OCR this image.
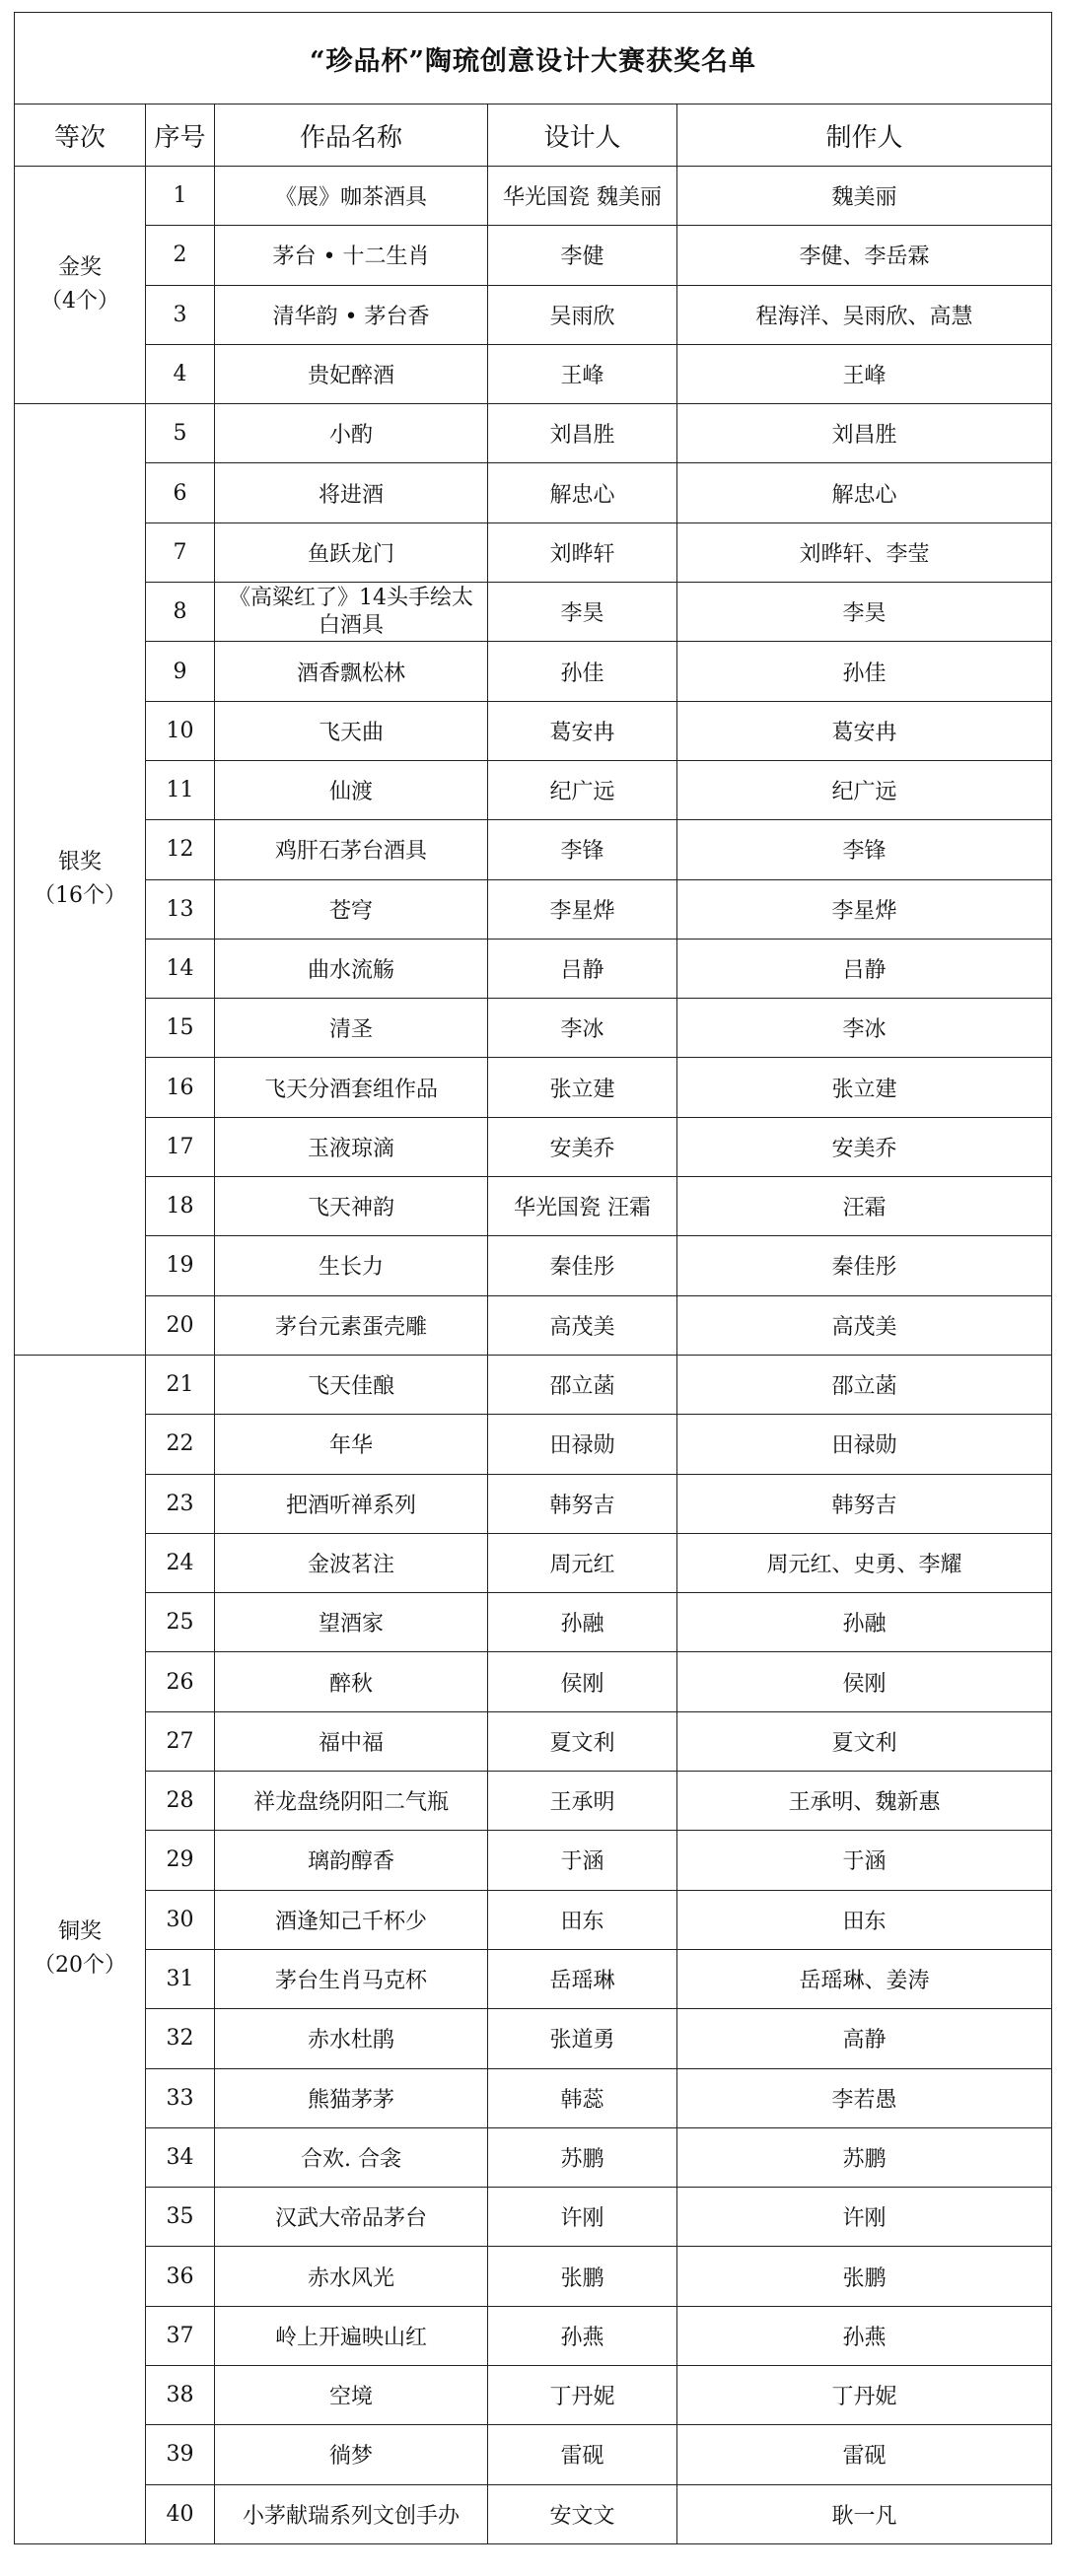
“珍品杯”陶琉创意设计大赛获奖名单				
等次	序号	作品名称	设计人	制作人

金奖
（4个）	1	《展》咖茶酒具	华光国瓷 魏美丽	魏美丽
	2	茅台 • 十二生肖	李健	李健、李岳霖
	3	清华韵 • 茅台香	吴雨欣	程海洋、吴雨欣、高慧
	4	贵妃醉酒	王峰	王峰

银奖
（16个）	5	小酌	刘昌胜	刘昌胜
	6	将进酒	解忠心	解忠心
	7	鱼跃龙门	刘晔轩	刘晔轩、李莹
	8	《高粱红了》14头手绘太白酒具	李昊	李昊
	9	酒香飘松林	孙佳	孙佳
	10	飞天曲	葛安冉	葛安冉
	11	仙渡	纪广远	纪广远
	12	鸡肝石茅台酒具	李锋	李锋
	13	苍穹	李星烨	李星烨
	14	曲水流觞	吕静	吕静
	15	清圣	李冰	李冰
	16	飞天分酒套组作品	张立建	张立建
	17	玉液琼滴	安美乔	安美乔
	18	飞天神韵	华光国瓷 汪霜	汪霜
	19	生长力	秦佳彤	秦佳彤
	20	茅台元素蛋壳雕	高茂美	高茂美

铜奖
（20个）	21	飞天佳酿	邵立菡	邵立菡
	22	年华	田禄勋	田禄勋
	23	把酒听禅系列	韩努吉	韩努吉
	24	金波茗注	周元红	周元红、史勇、李耀
	25	望酒家	孙融	孙融
	26	醉秋	侯刚	侯刚
	27	福中福	夏文利	夏文利
	28	祥龙盘绕阴阳二气瓶	王承明	王承明、魏新惠
	29	璃韵醇香	于涵	于涵
	30	酒逢知己千杯少	田东	田东
	31	茅台生肖马克杯	岳瑶琳	岳瑶琳、姜涛
	32	赤水杜鹃	张道勇	高静
	33	熊猫茅茅	韩蕊	李若愚
	34	合欢. 合衾	苏鹏	苏鹏
	35	汉武大帝品茅台	许刚	许刚
	36	赤水风光	张鹏	张鹏
	37	岭上开遍映山红	孙燕	孙燕
	38	空境	丁丹妮	丁丹妮
	39	徜梦	雷砚	雷砚
	40	小茅献瑞系列文创手办	安文文	耿一凡
